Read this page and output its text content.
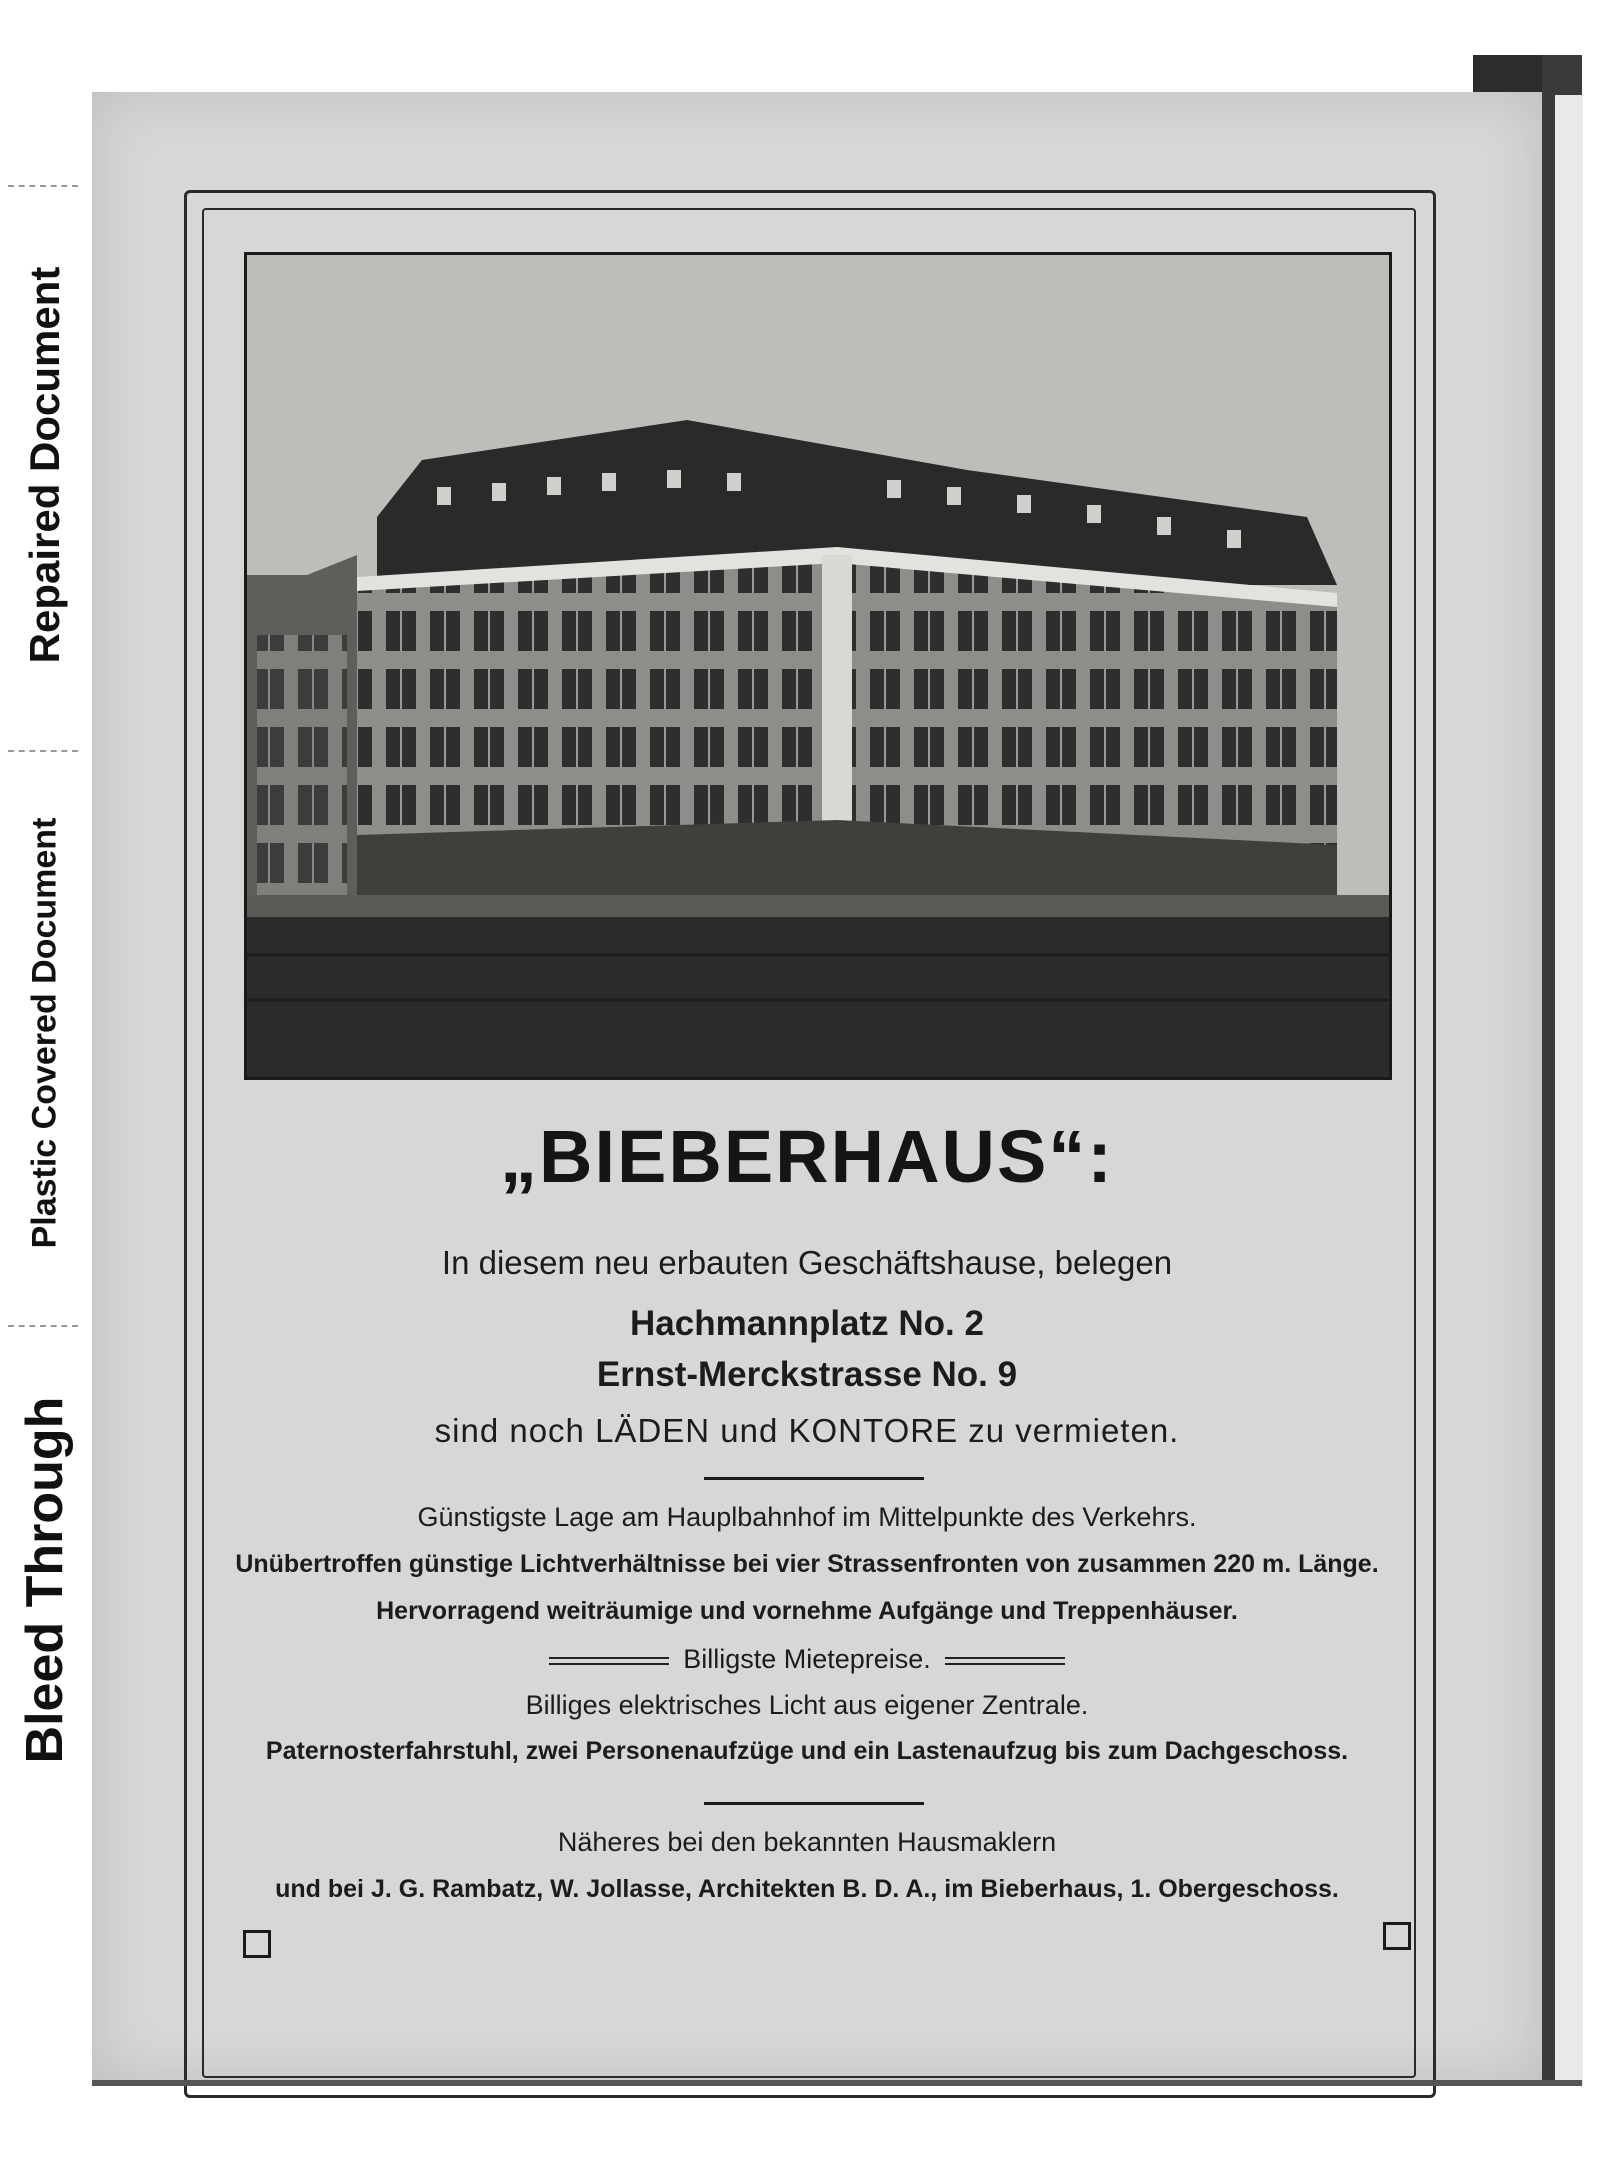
Repaired Document
Plastic Covered Document
Bleed Through
„BIEBERHAUS“:
In diesem neu erbauten Geschäftshause, belegen
Hachmannplatz No. 2
Ernst-Merckstrasse No. 9
sind noch LÄDEN und KONTORE zu vermieten.
Günstigste Lage am Hauplbahnhof im Mittelpunkte des Verkehrs.
Unübertroffen günstige Lichtverhältnisse bei vier Strassenfronten von zusammen 220 m. Länge.
Hervorragend weiträumige und vornehme Aufgänge und Treppenhäuser.
Billigste Mietepreise.
Billiges elektrisches Licht aus eigener Zentrale.
Paternosterfahrstuhl, zwei Personenaufzüge und ein Lastenaufzug bis zum Dachgeschoss.
Näheres bei den bekannten Hausmaklern
und bei J. G. Rambatz, W. Jollasse, Architekten B. D. A., im Bieberhaus, 1. Obergeschoss.
